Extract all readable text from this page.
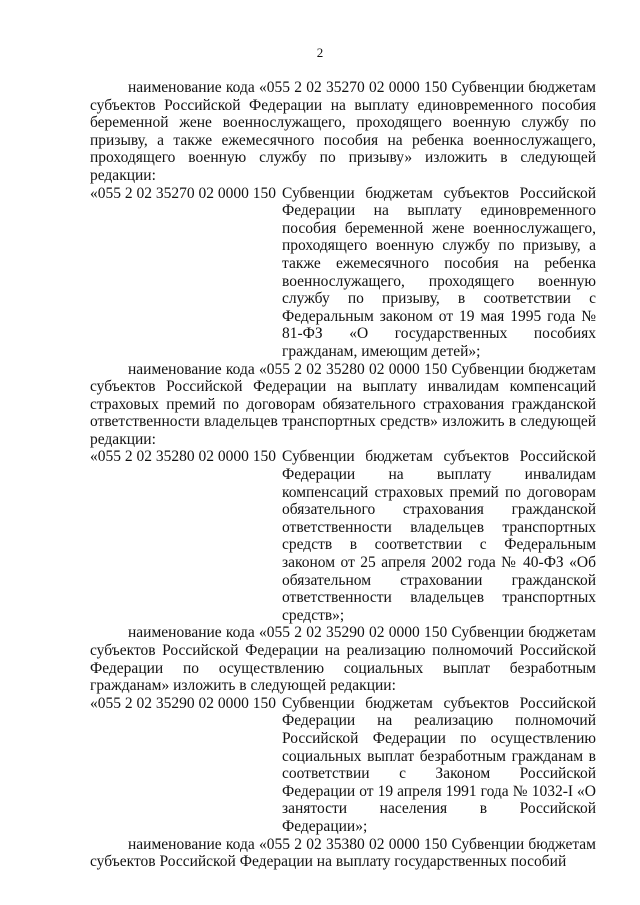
2

наименование кода «055 2 02 35270 02 0000 150 Субвенции бюджетам субъектов Российской Федерации на выплату единовременного пособия беременной жене военнослужащего, проходящего военную службу по призыву, а также ежемесячного пособия на ребенка военнослужащего, проходящего военную службу по призыву» изложить в следующей редакции:

«055 2 02 35270 02 0000 150 Субвенции бюджетам субъектов Российской Федерации на выплату единовременного пособия беременной жене военнослужащего, проходящего военную службу по призыву, а также ежемесячного пособия на ребенка военнослужащего, проходящего военную службу по призыву, в соответствии с Федеральным законом от 19 мая 1995 года № 81-ФЗ «О государственных пособиях гражданам, имеющим детей»;

наименование кода «055 2 02 35280 02 0000 150 Субвенции бюджетам субъектов Российской Федерации на выплату инвалидам компенсаций страховых премий по договорам обязательного страхования гражданской ответственности владельцев транспортных средств» изложить в следующей редакции:

«055 2 02 35280 02 0000 150 Субвенции бюджетам субъектов Российской Федерации на выплату инвалидам компенсаций страховых премий по договорам обязательного страхования гражданской ответственности владельцев транспортных средств в соответствии с Федеральным законом от 25 апреля 2002 года № 40-ФЗ «Об обязательном страховании гражданской ответственности владельцев транспортных средств»;

наименование кода «055 2 02 35290 02 0000 150 Субвенции бюджетам субъектов Российской Федерации на реализацию полномочий Российской Федерации по осуществлению социальных выплат безработным гражданам» изложить в следующей редакции:

«055 2 02 35290 02 0000 150 Субвенции бюджетам субъектов Российской Федерации на реализацию полномочий Российской Федерации по осуществлению социальных выплат безработным гражданам в соответствии с Законом Российской Федерации от 19 апреля 1991 года № 1032-I «О занятости населения в Российской Федерации»;

наименование кода «055 2 02 35380 02 0000 150 Субвенции бюджетам субъектов Российской Федерации на выплату государственных пособий
